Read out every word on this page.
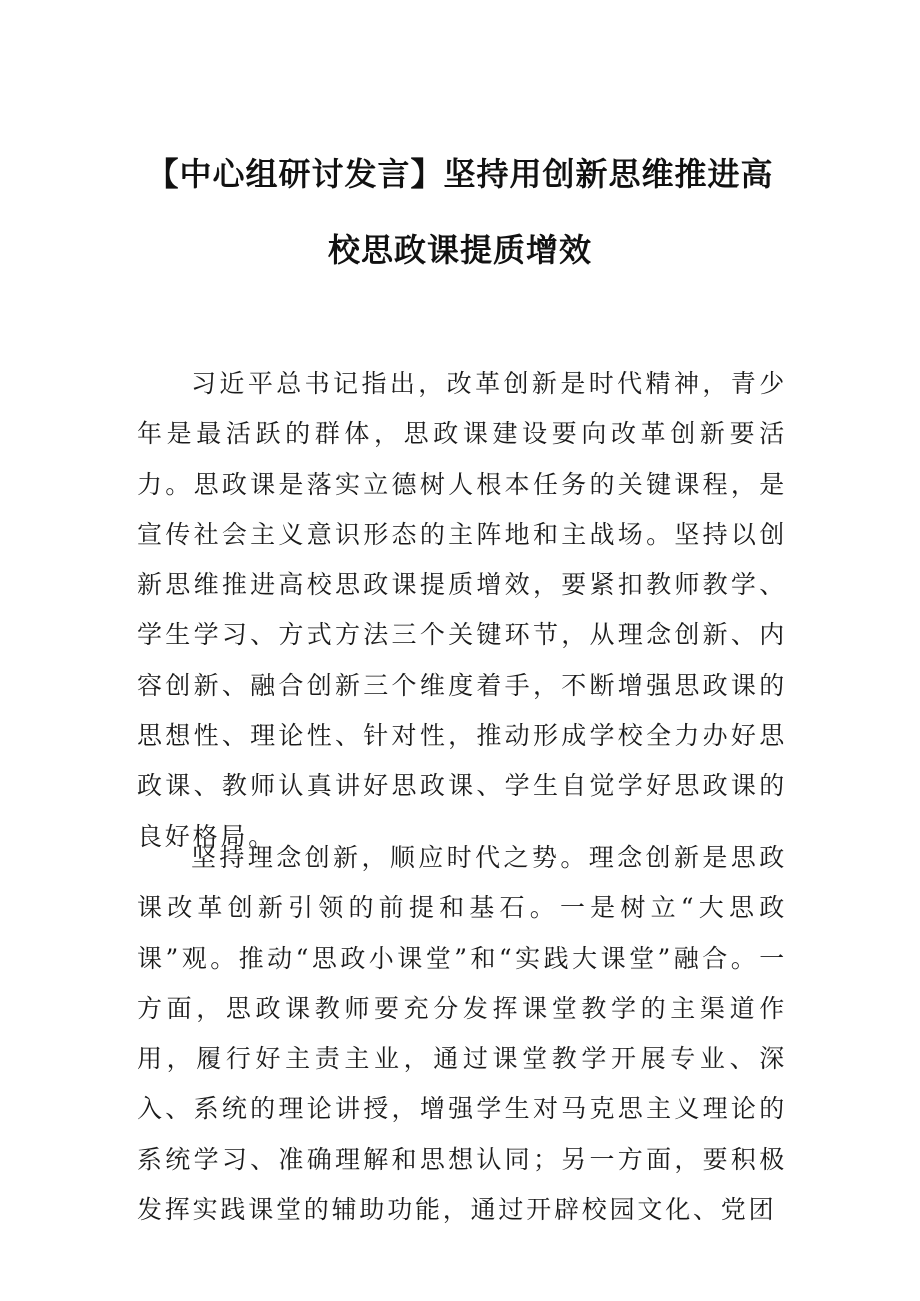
【中心组研讨发言】坚持用创新思维推进高
校思政课提质增效

习近平总书记指出，改革创新是时代精神，青少年是最活跃的群体，思政课建设要向改革创新要活力。思政课是落实立德树人根本任务的关键课程，是宣传社会主义意识形态的主阵地和主战场。坚持以创新思维推进高校思政课提质增效，要紧扣教师教学、学生学习、方式方法三个关键环节，从理念创新、内容创新、融合创新三个维度着手，不断增强思政课的思想性、理论性、针对性，推动形成学校全力办好思政课、教师认真讲好思政课、学生自觉学好思政课的良好格局。

坚持理念创新，顺应时代之势。理念创新是思政课改革创新引领的前提和基石。一是树立“大思政课”观。推动“思政小课堂”和“实践大课堂”融合。一方面，思政课教师要充分发挥课堂教学的主渠道作用，履行好主责主业，通过课堂教学开展专业、深入、系统的理论讲授，增强学生对马克思主义理论的系统学习、准确理解和思想认同；另一方面，要积极发挥实践课堂的辅助功能，通过开辟校园文化、党团
